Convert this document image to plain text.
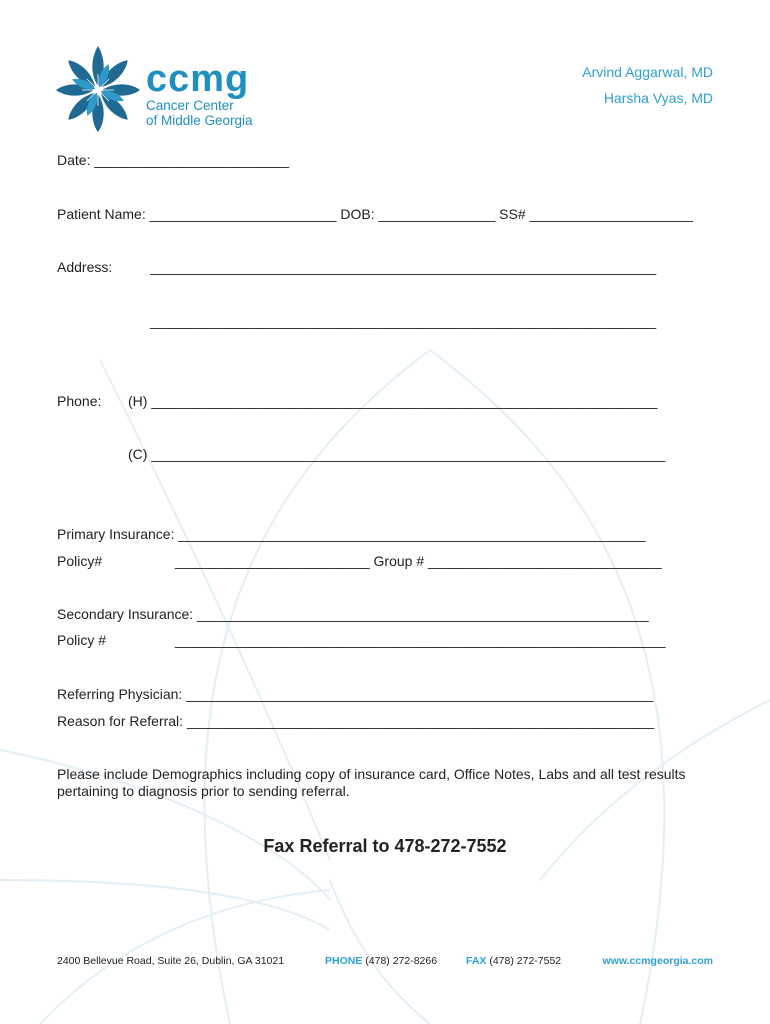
ccmg
Cancer Center
of Middle Georgia
Arvind Aggarwal, MD
Harsha Vyas, MD
Date: _________________________
Patient Name: ________________________ DOB: _______________ SS# _____________________
Address:	_________________________________________________________________
_________________________________________________________________
Phone: (H) _________________________________________________________________
(C) __________________________________________________________________
Primary Insurance: ____________________________________________________________
Policy#	_________________________ Group # ______________________________
Secondary Insurance: __________________________________________________________
Policy #	_______________________________________________________________
Referring Physician: ____________________________________________________________
Reason for Referral: ____________________________________________________________
Please include Demographics including copy of insurance card, Office Notes, Labs and all test results pertaining to diagnosis prior to sending referral.
Fax Referral to 478-272-7552
2400 Bellevue Road, Suite 26, Dublin, GA 31021	PHONE (478) 272-8266	FAX (478) 272-7552	www.ccmgeorgia.com
